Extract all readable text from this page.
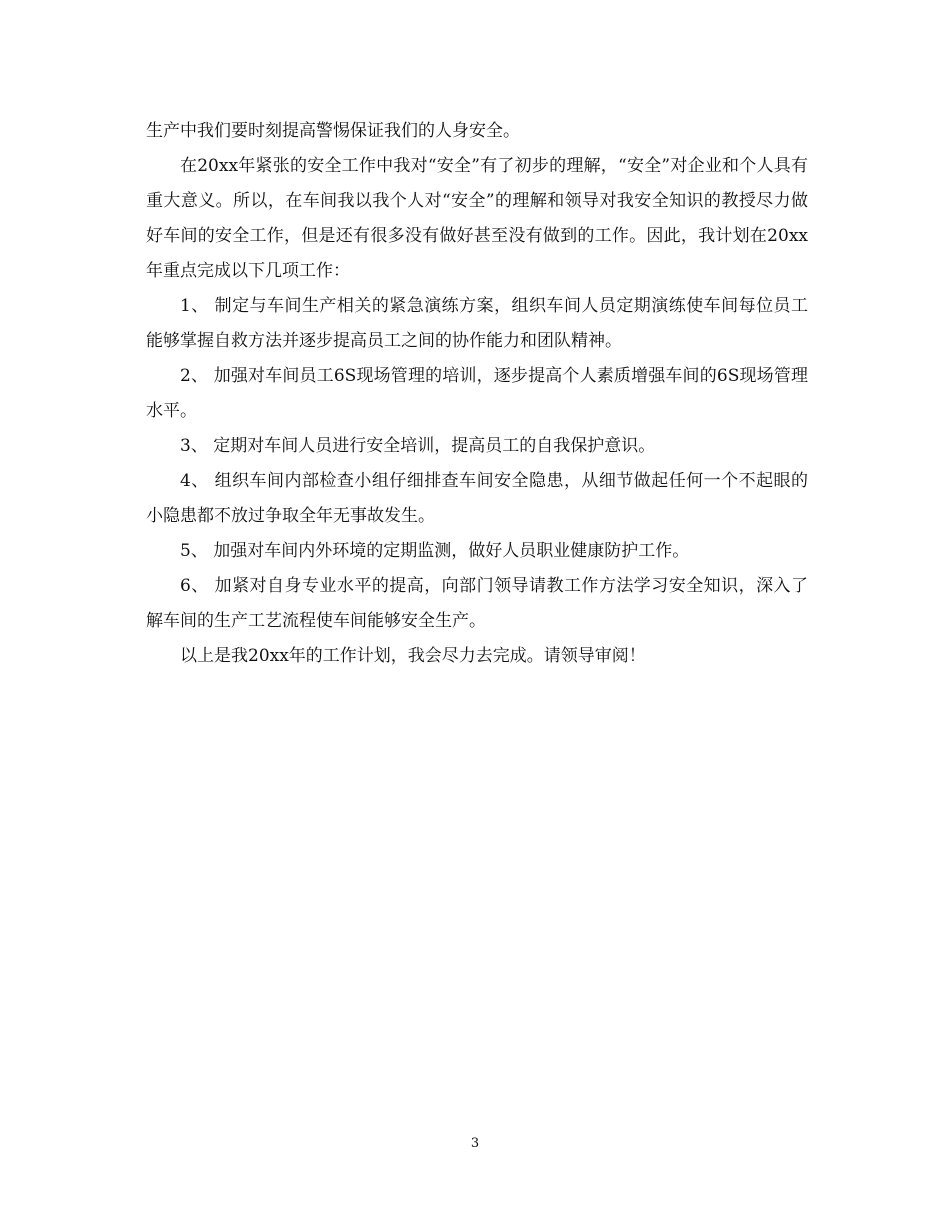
生产中我们要时刻提高警惕保证我们的人身安全。

在20xx年紧张的安全工作中我对“安全”有了初步的理解，“安全”对企业和个人具有重大意义。所以，在车间我以我个人对“安全”的理解和领导对我安全知识的教授尽力做好车间的安全工作，但是还有很多没有做好甚至没有做到的工作。因此，我计划在20xx年重点完成以下几项工作：

1、 制定与车间生产相关的紧急演练方案，组织车间人员定期演练使车间每位员工能够掌握自救方法并逐步提高员工之间的协作能力和团队精神。

2、 加强对车间员工6S现场管理的培训，逐步提高个人素质增强车间的6S现场管理水平。

3、 定期对车间人员进行安全培训，提高员工的自我保护意识。

4、 组织车间内部检查小组仔细排查车间安全隐患，从细节做起任何一个不起眼的小隐患都不放过争取全年无事故发生。

5、 加强对车间内外环境的定期监测，做好人员职业健康防护工作。

6、 加紧对自身专业水平的提高，向部门领导请教工作方法学习安全知识，深入了解车间的生产工艺流程使车间能够安全生产。

以上是我20xx年的工作计划，我会尽力去完成。请领导审阅！

3
